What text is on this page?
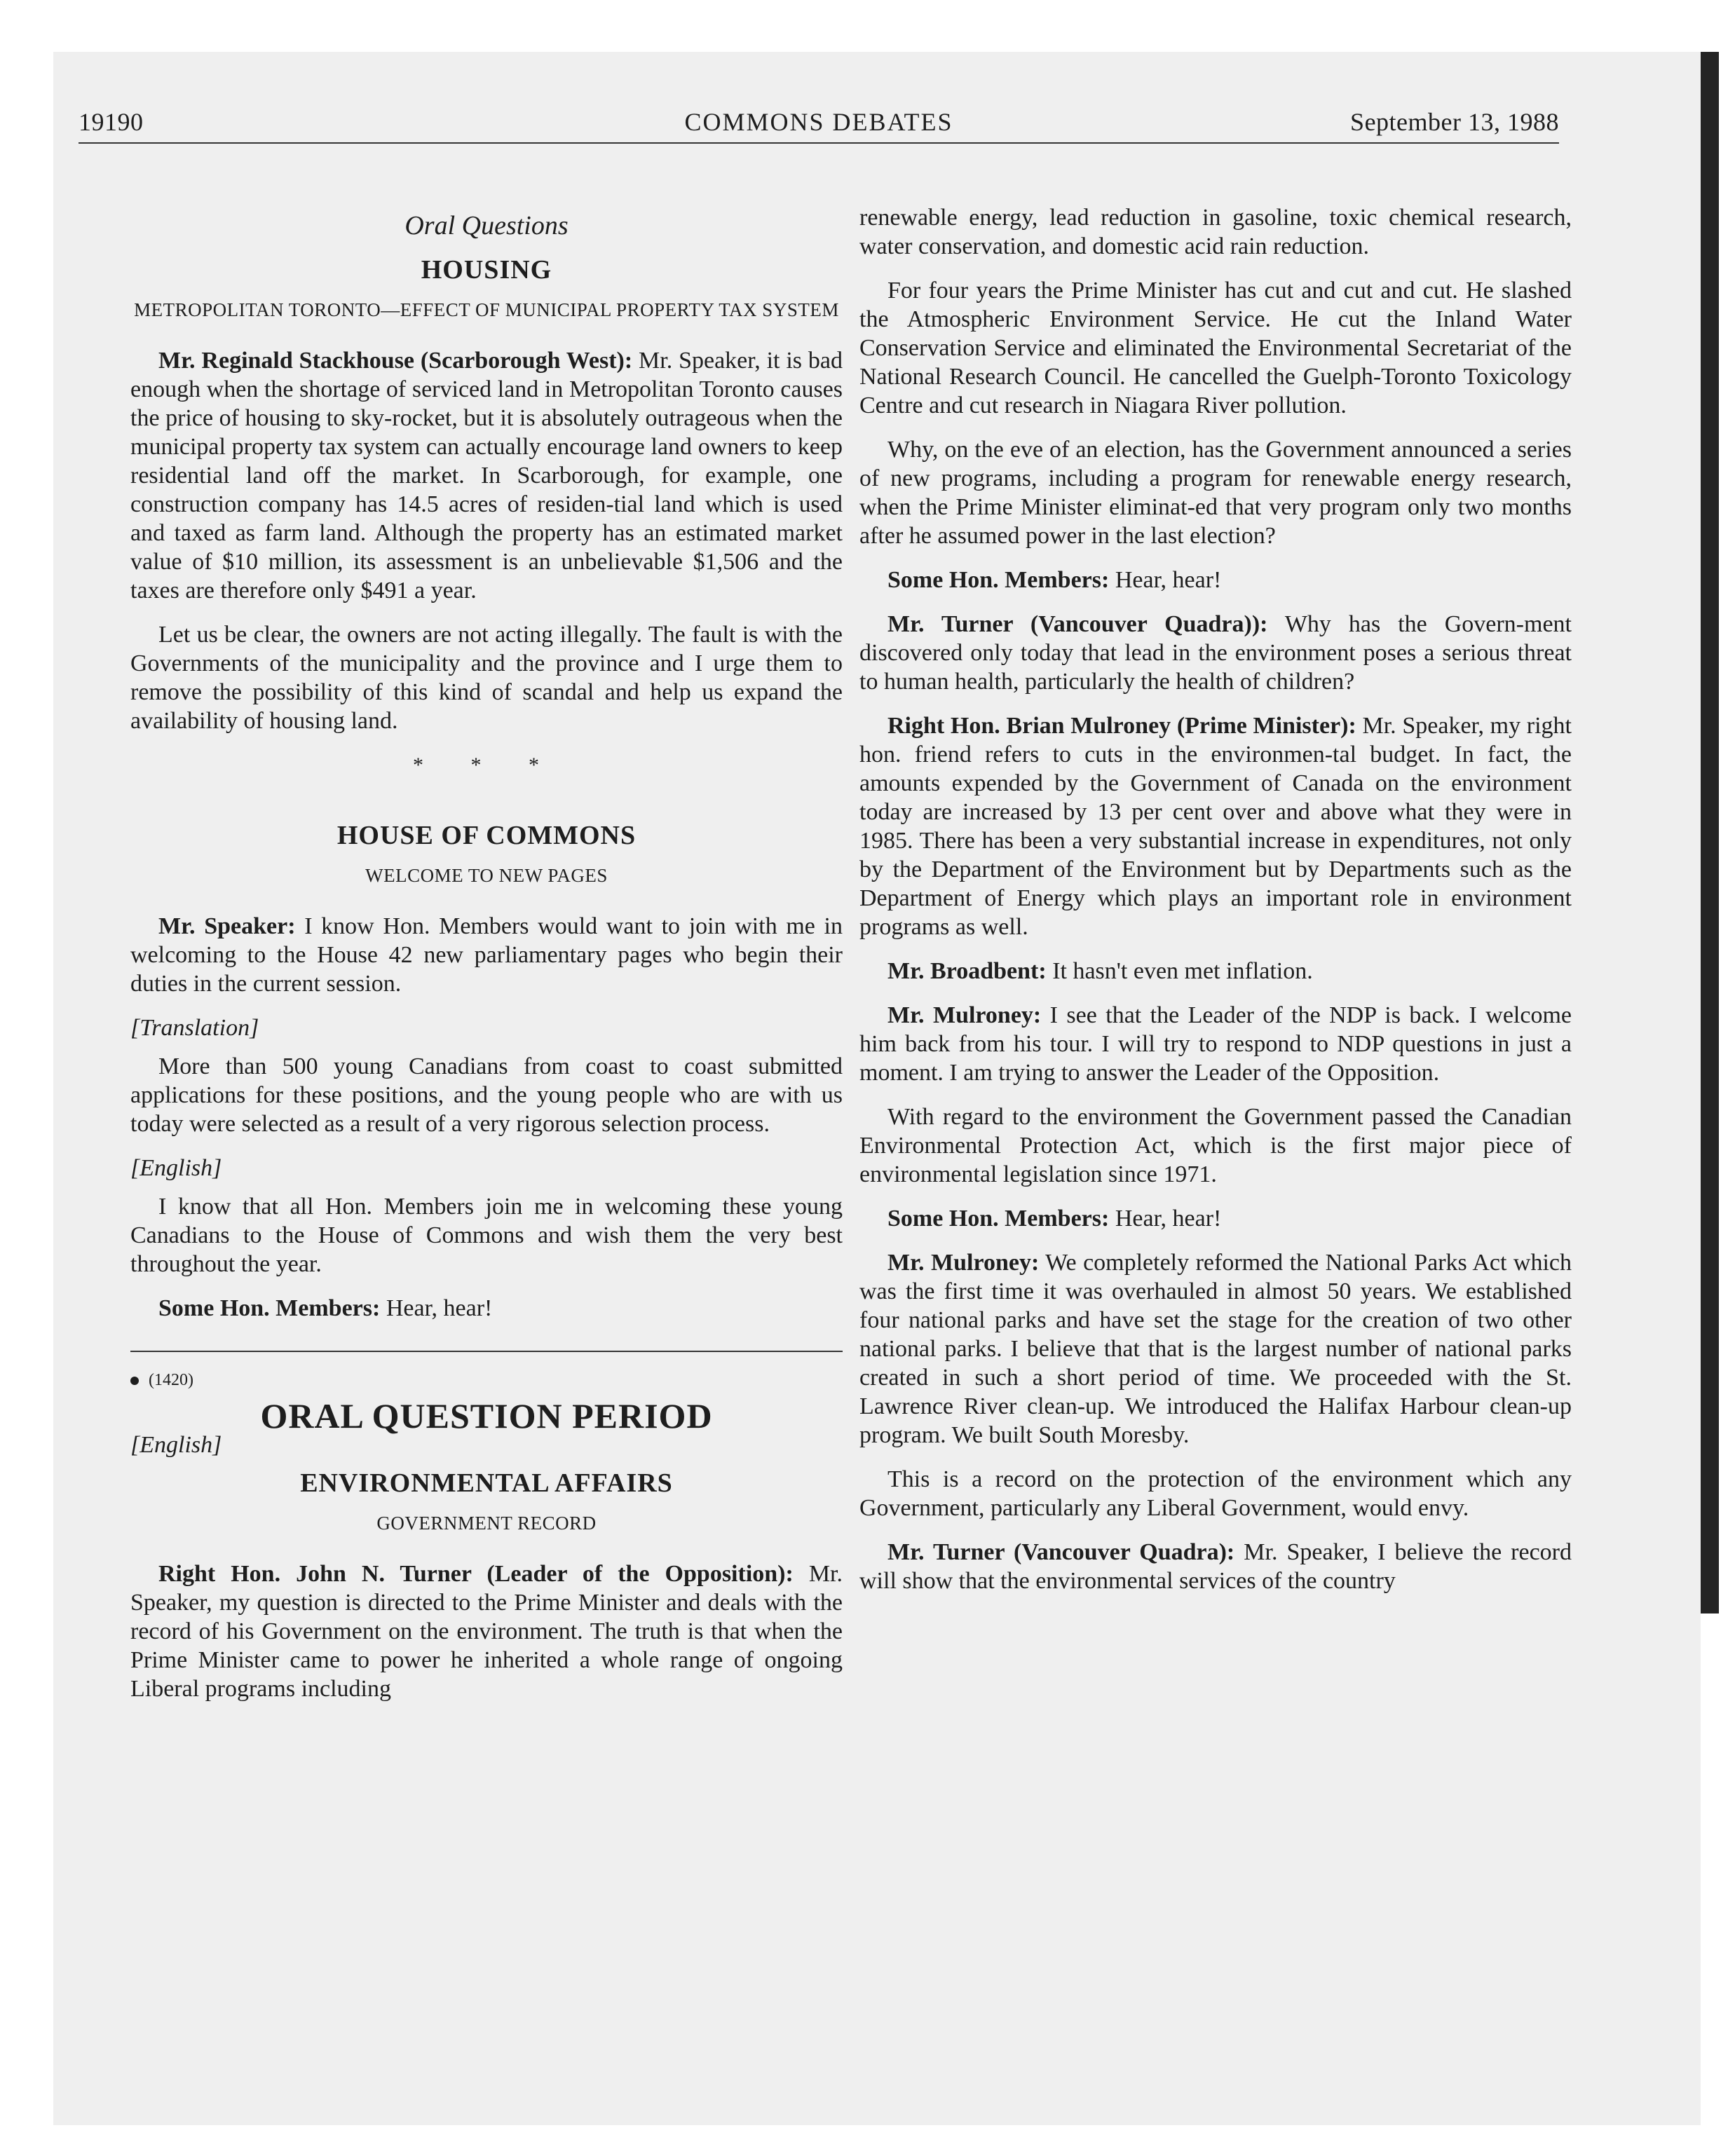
19190	COMMONS DEBATES	September 13, 1988
Oral Questions
HOUSING
METROPOLITAN TORONTO—EFFECT OF MUNICIPAL PROPERTY TAX SYSTEM

Mr. Reginald Stackhouse (Scarborough West): Mr. Speaker, it is bad enough when the shortage of serviced land in Metropolitan Toronto causes the price of housing to sky-rocket, but it is absolutely outrageous when the municipal property tax system can actually encourage land owners to keep residential land off the market. In Scarborough, for example, one construction company has 14.5 acres of residen-tial land which is used and taxed as farm land. Although the property has an estimated market value of $10 million, its assessment is an unbelievable $1,506 and the taxes are therefore only $491 a year.

Let us be clear, the owners are not acting illegally. The fault is with the Governments of the municipality and the province and I urge them to remove the possibility of this kind of scandal and help us expand the availability of housing land.

* * *
HOUSE OF COMMONS
WELCOME TO NEW PAGES

Mr. Speaker: I know Hon. Members would want to join with me in welcoming to the House 42 new parliamentary pages who begin their duties in the current session.

[Translation]

More than 500 young Canadians from coast to coast submitted applications for these positions, and the young people who are with us today were selected as a result of a very rigorous selection process.

[English]

I know that all Hon. Members join me in welcoming these young Canadians to the House of Commons and wish them the very best throughout the year.

Some Hon. Members: Hear, hear!

(1420)
ORAL QUESTION PERIOD
[English]
ENVIRONMENTAL AFFAIRS
GOVERNMENT RECORD

Right Hon. John N. Turner (Leader of the Opposition): Mr. Speaker, my question is directed to the Prime Minister and deals with the record of his Government on the environment. The truth is that when the Prime Minister came to power he inherited a whole range of ongoing Liberal programs including

renewable energy, lead reduction in gasoline, toxic chemical research, water conservation, and domestic acid rain reduction.

For four years the Prime Minister has cut and cut and cut. He slashed the Atmospheric Environment Service. He cut the Inland Water Conservation Service and eliminated the Environmental Secretariat of the National Research Council. He cancelled the Guelph-Toronto Toxicology Centre and cut research in Niagara River pollution.

Why, on the eve of an election, has the Government announced a series of new programs, including a program for renewable energy research, when the Prime Minister eliminat-ed that very program only two months after he assumed power in the last election?

Some Hon. Members: Hear, hear!

Mr. Turner (Vancouver Quadra)): Why has the Govern-ment discovered only today that lead in the environment poses a serious threat to human health, particularly the health of children?

Right Hon. Brian Mulroney (Prime Minister): Mr. Speaker, my right hon. friend refers to cuts in the environmen-tal budget. In fact, the amounts expended by the Government of Canada on the environment today are increased by 13 per cent over and above what they were in 1985. There has been a very substantial increase in expenditures, not only by the Department of the Environment but by Departments such as the Department of Energy which plays an important role in environment programs as well.

Mr. Broadbent: It hasn't even met inflation.

Mr. Mulroney: I see that the Leader of the NDP is back. I welcome him back from his tour. I will try to respond to NDP questions in just a moment. I am trying to answer the Leader of the Opposition.

With regard to the environment the Government passed the Canadian Environmental Protection Act, which is the first major piece of environmental legislation since 1971.

Some Hon. Members: Hear, hear!

Mr. Mulroney: We completely reformed the National Parks Act which was the first time it was overhauled in almost 50 years. We established four national parks and have set the stage for the creation of two other national parks. I believe that that is the largest number of national parks created in such a short period of time. We proceeded with the St. Lawrence River clean-up. We introduced the Halifax Harbour clean-up program. We built South Moresby.

This is a record on the protection of the environment which any Government, particularly any Liberal Government, would envy.

Mr. Turner (Vancouver Quadra): Mr. Speaker, I believe the record will show that the environmental services of the country
